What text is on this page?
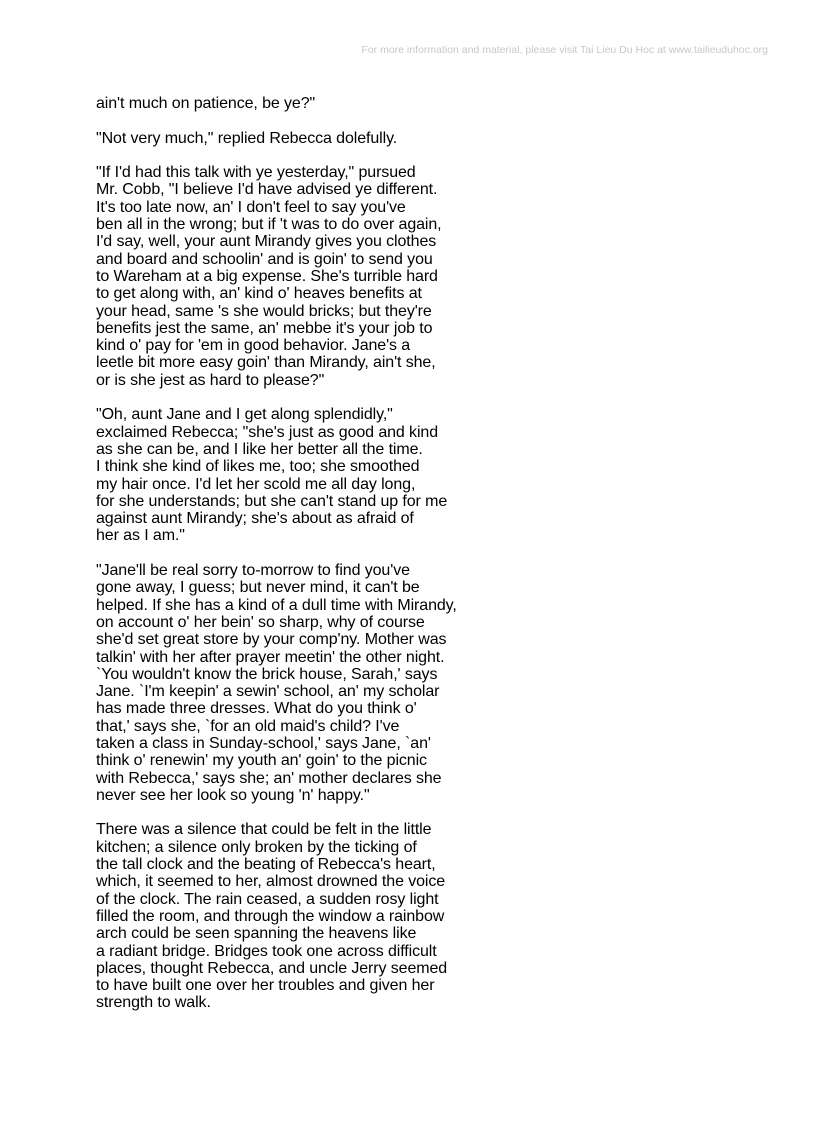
For more information and material, please visit Tai Lieu Du Hoc at www.tailieuduhoc.org
ain't much on patience, be ye?"
"Not very much," replied Rebecca dolefully.
"If I'd had this talk with ye yesterday," pursued
Mr. Cobb, "I believe I'd have advised ye different.
It's too late now, an' I don't feel to say you've
ben all in the wrong; but if 't was to do over again,
I'd say, well, your aunt Mirandy gives you clothes
and board and schoolin' and is goin' to send you
to Wareham at a big expense. She's turrible hard
to get along with, an' kind o' heaves benefits at
your head, same 's she would bricks; but they're
benefits jest the same, an' mebbe it's your job to
kind o' pay for 'em in good behavior. Jane's a
leetle bit more easy goin' than Mirandy, ain't she,
or is she jest as hard to please?"
"Oh, aunt Jane and I get along splendidly,"
exclaimed Rebecca; "she's just as good and kind
as she can be, and I like her better all the time.
I think she kind of likes me, too; she smoothed
my hair once. I'd let her scold me all day long,
for she understands; but she can't stand up for me
against aunt Mirandy; she's about as afraid of
her as I am."
"Jane'll be real sorry to-morrow to find you've
gone away, I guess; but never mind, it can't be
helped. If she has a kind of a dull time with Mirandy,
on account o' her bein' so sharp, why of course
she'd set great store by your comp'ny. Mother was
talkin' with her after prayer meetin' the other night.
`You wouldn't know the brick house, Sarah,' says
Jane. `I'm keepin' a sewin' school, an' my scholar
has made three dresses. What do you think o'
that,' says she, `for an old maid's child? I've
taken a class in Sunday-school,' says Jane, `an'
think o' renewin' my youth an' goin' to the picnic
with Rebecca,' says she; an' mother declares she
never see her look so young 'n' happy."
There was a silence that could be felt in the little
kitchen; a silence only broken by the ticking of
the tall clock and the beating of Rebecca's heart,
which, it seemed to her, almost drowned the voice
of the clock. The rain ceased, a sudden rosy light
filled the room, and through the window a rainbow
arch could be seen spanning the heavens like
a radiant bridge. Bridges took one across difficult
places, thought Rebecca, and uncle Jerry seemed
to have built one over her troubles and given her
strength to walk.
